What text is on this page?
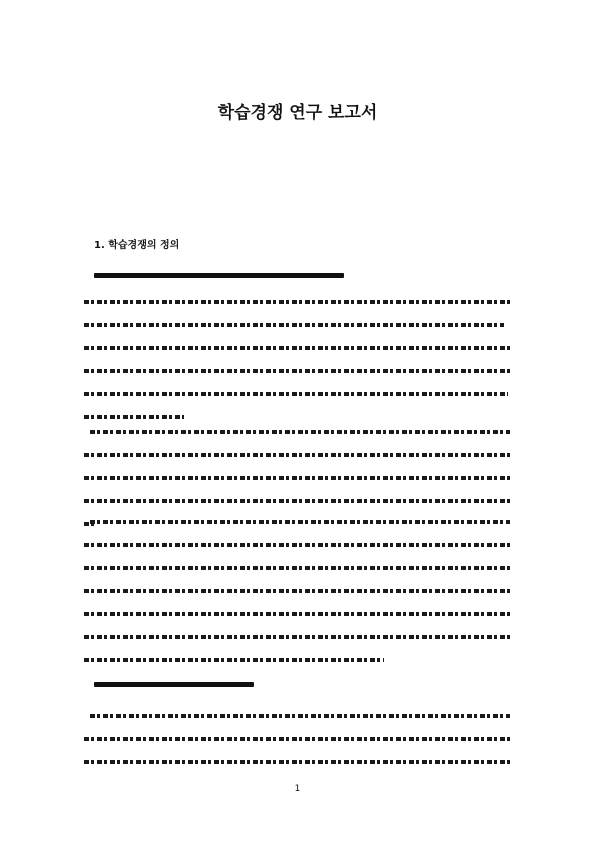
학습경쟁 연구 보고서
1. 학습경쟁의 정의
1
